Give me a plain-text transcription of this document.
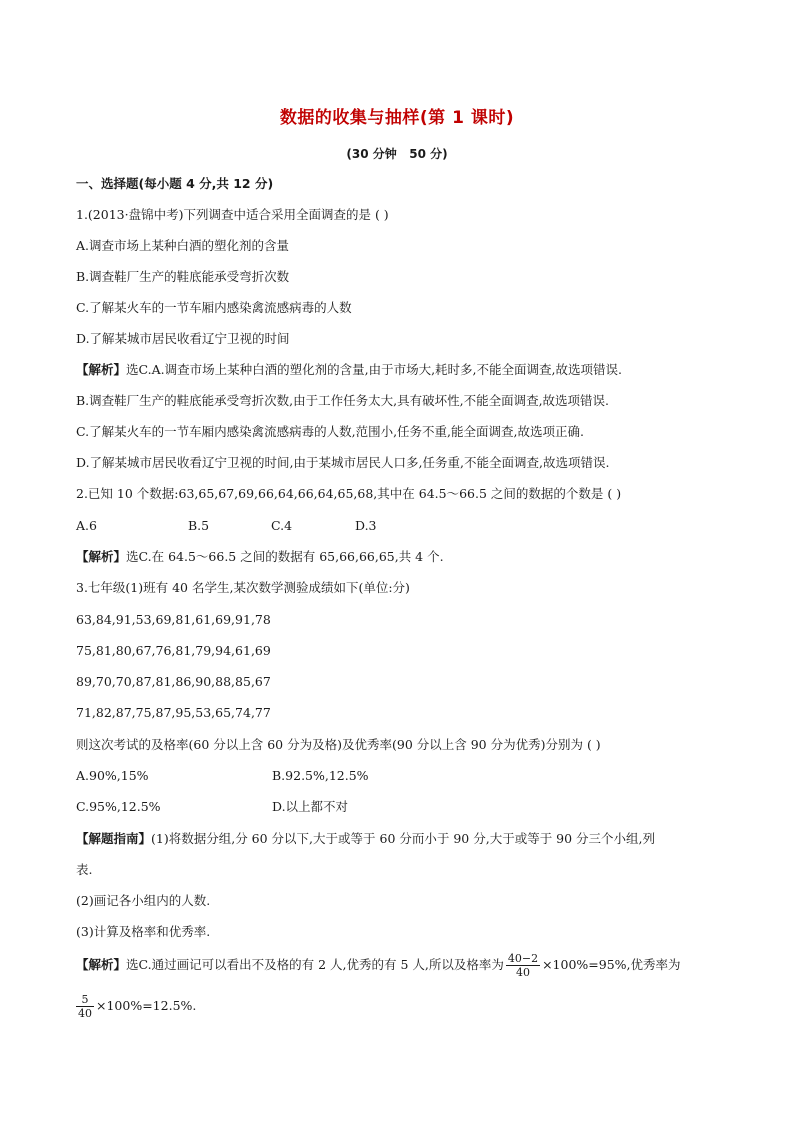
数据的收集与抽样(第 1 课时)
(30 分钟   50 分)
一、选择题(每小题 4 分,共 12 分)
1.(2013·盘锦中考)下列调查中适合采用全面调查的是 ( )
A.调查市场上某种白酒的塑化剂的含量
B.调查鞋厂生产的鞋底能承受弯折次数
C.了解某火车的一节车厢内感染禽流感病毒的人数
D.了解某城市居民收看辽宁卫视的时间
【解析】选C.A.调查市场上某种白酒的塑化剂的含量,由于市场大,耗时多,不能全面调查,故选项错误.
B.调查鞋厂生产的鞋底能承受弯折次数,由于工作任务太大,具有破坏性,不能全面调查,故选项错误.
C.了解某火车的一节车厢内感染禽流感病毒的人数,范围小,任务不重,能全面调查,故选项正确.
D.了解某城市居民收看辽宁卫视的时间,由于某城市居民人口多,任务重,不能全面调查,故选项错误.
2.已知 10 个数据:63,65,67,69,66,64,66,64,65,68,其中在 64.5～66.5 之间的数据的个数是 ( )
A.6	B.5	C.4	D.3
【解析】选C.在 64.5～66.5 之间的数据有 65,66,66,65,共 4 个.
3.七年级(1)班有 40 名学生,某次数学测验成绩如下(单位:分)
63,84,91,53,69,81,61,69,91,78
75,81,80,67,76,81,79,94,61,69
89,70,70,87,81,86,90,88,85,67
71,82,87,75,87,95,53,65,74,77
则这次考试的及格率(60 分以上含 60 分为及格)及优秀率(90 分以上含 90 分为优秀)分别为 ( )
A.90%,15%	B.92.5%,12.5%
C.95%,12.5%	D.以上都不对
【解题指南】(1)将数据分组,分 60 分以下,大于或等于 60 分而小于 90 分,大于或等于 90 分三个小组,列
表.
(2)画记各小组内的人数.
(3)计算及格率和优秀率.
【解析】选C.通过画记可以看出不及格的有 2 人,优秀的有 5 人,所以及格率为 $\frac{40-2}{40} \times 100\%=95\%$,优秀率为
$\frac{5}{40} \times 100\%=12.5\%$.
